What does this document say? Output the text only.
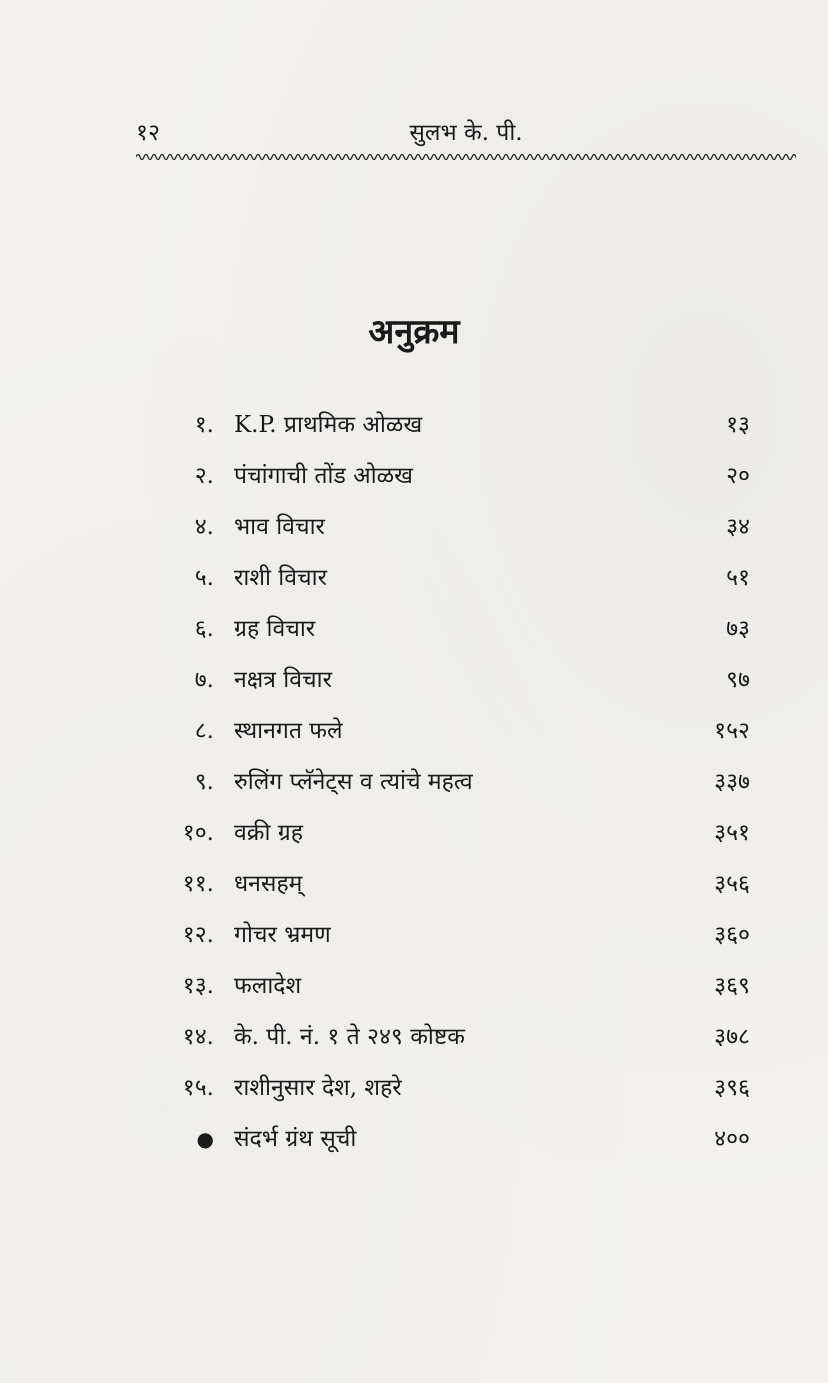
१२	सुलभ के. पी.
अनुक्रम
१. K.P. प्राथमिक ओळख	१३
२. पंचांगाची तोंड ओळख	२०
४. भाव विचार	३४
५. राशी विचार	५१
६. ग्रह विचार	७३
७. नक्षत्र विचार	९७
८. स्थानगत फले	१५२
९. रुलिंग प्लॅनेट्स व त्यांचे महत्व	३३७
१०. वक्री ग्रह	३५१
११. धनसहम्	३५६
१२. गोचर भ्रमण	३६०
१३. फलादेश	३६९
१४. के. पी. नं. १ ते २४९ कोष्टक	३७८
१५. राशीनुसार देश, शहरे	३९६
● संदर्भ ग्रंथ सूची	४००
